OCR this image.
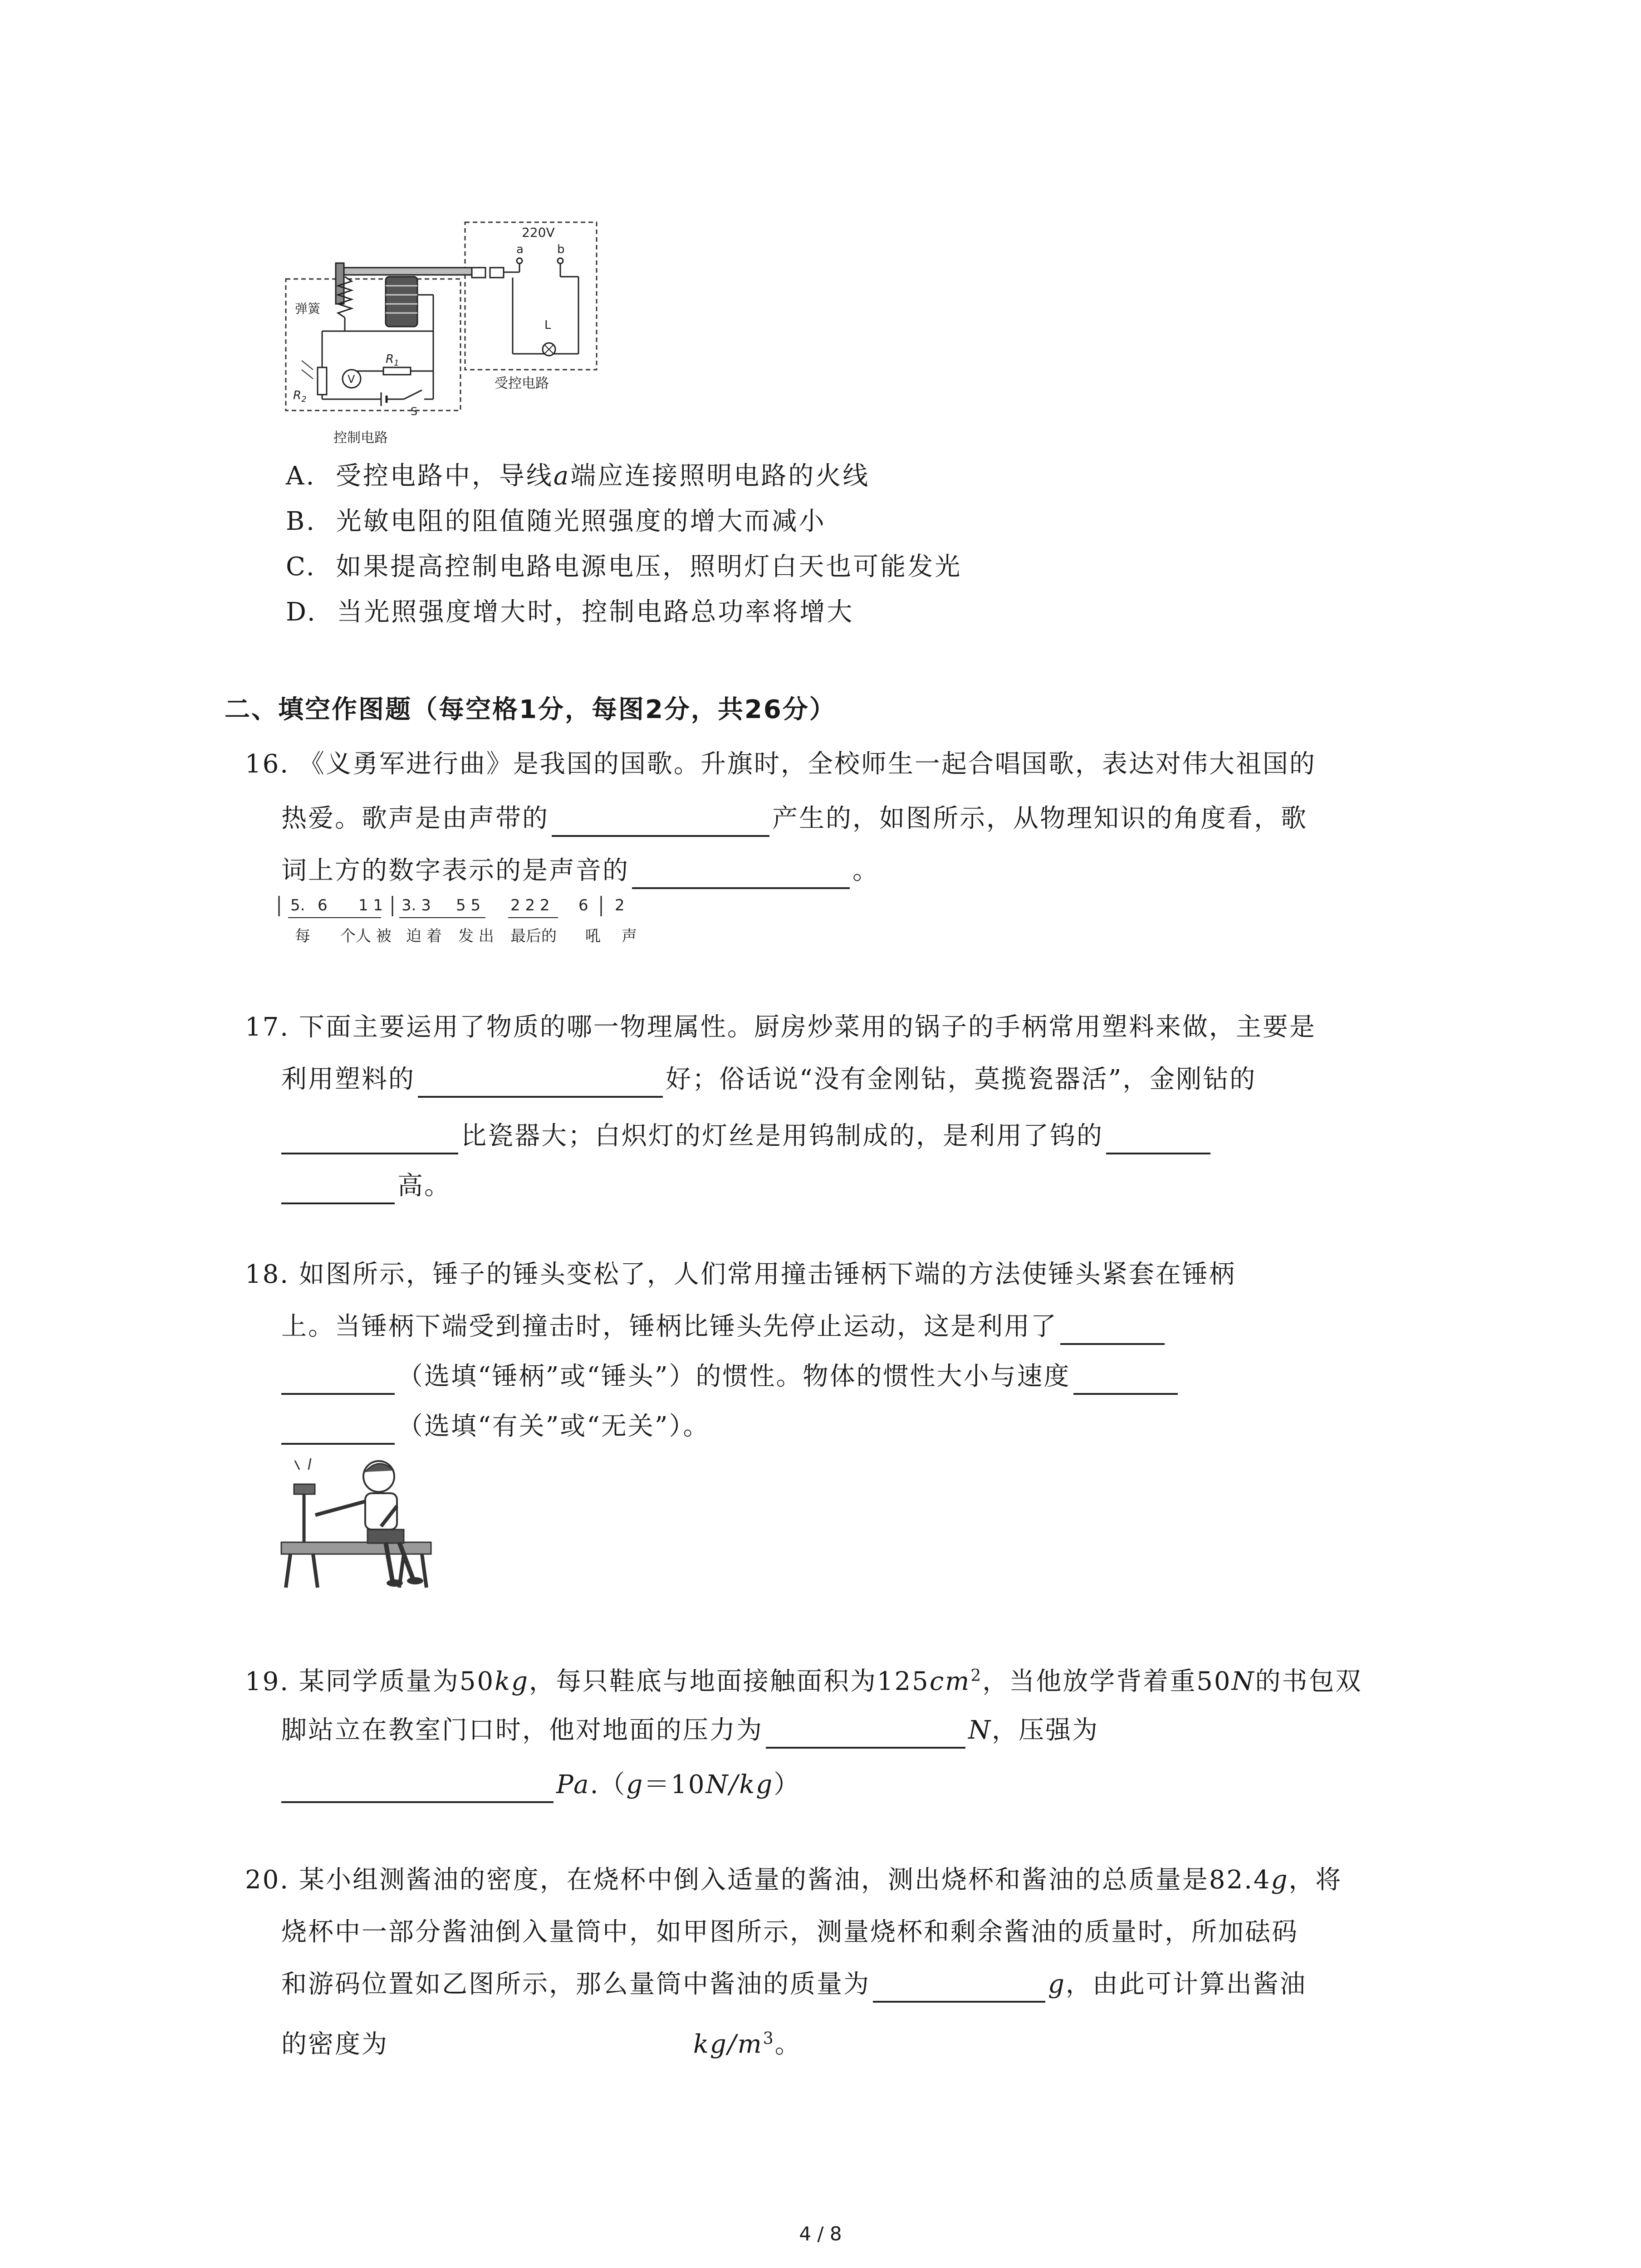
220V
a	b
L
弹簧
$R_1$
V
$R_2$
S
受控电路
控制电路
A. 受控电路中，导线a端应连接照明电路的火线
B. 光敏电阻的阻值随光照强度的增大而减小
C. 如果提高控制电路电源电压，照明灯白天也可能发光
D. 当光照强度增大时，控制电路总功率将增大
二、填空作图题（每空格1分，每图2分，共26分）
16. 《义勇军进行曲》是我国的国歌。升旗时，全校师生一起合唱国歌，表达对伟大祖国的
热爱。歌声是由声带的	产生的，如图所示，从物理知识的角度看，歌
词上方的数字表示的是声音的	。
5. 6 1 1 3. 3 5 5 2 2 2 6 2
每 个人 被 迫 着 发 出 最后的 吼 声
17. 下面主要运用了物质的哪一物理属性。厨房炒菜用的锅子的手柄常用塑料来做，主要是
利用塑料的	好；俗话说“没有金刚钻，莫揽瓷器活”，金刚钻的
比瓷器大；白炽灯的灯丝是用钨制成的，是利用了钨的
高。
18. 如图所示，锤子的锤头变松了，人们常用撞击锤柄下端的方法使锤头紧套在锤柄
上。当锤柄下端受到撞击时，锤柄比锤头先停止运动，这是利用了
（选填“锤柄”或“锤头”）的惯性。物体的惯性大小与速度
（选填“有关”或“无关”）。
19. 某同学质量为50kg，每只鞋底与地面接触面积为$125cm^2$，当他放学背着重50N的书包双
脚站立在教室门口时，他对地面的压力为	N，压强为
Pa.（g＝10N/kg）
20. 某小组测酱油的密度，在烧杯中倒入适量的酱油，测出烧杯和酱油的总质量是82.4g，将
烧杯中一部分酱油倒入量筒中，如甲图所示，测量烧杯和剩余酱油的质量时，所加砝码
和游码位置如乙图所示，那么量筒中酱油的质量为	g，由此可计算出酱油
的密度为	$kg/m^3$。
4 / 8
